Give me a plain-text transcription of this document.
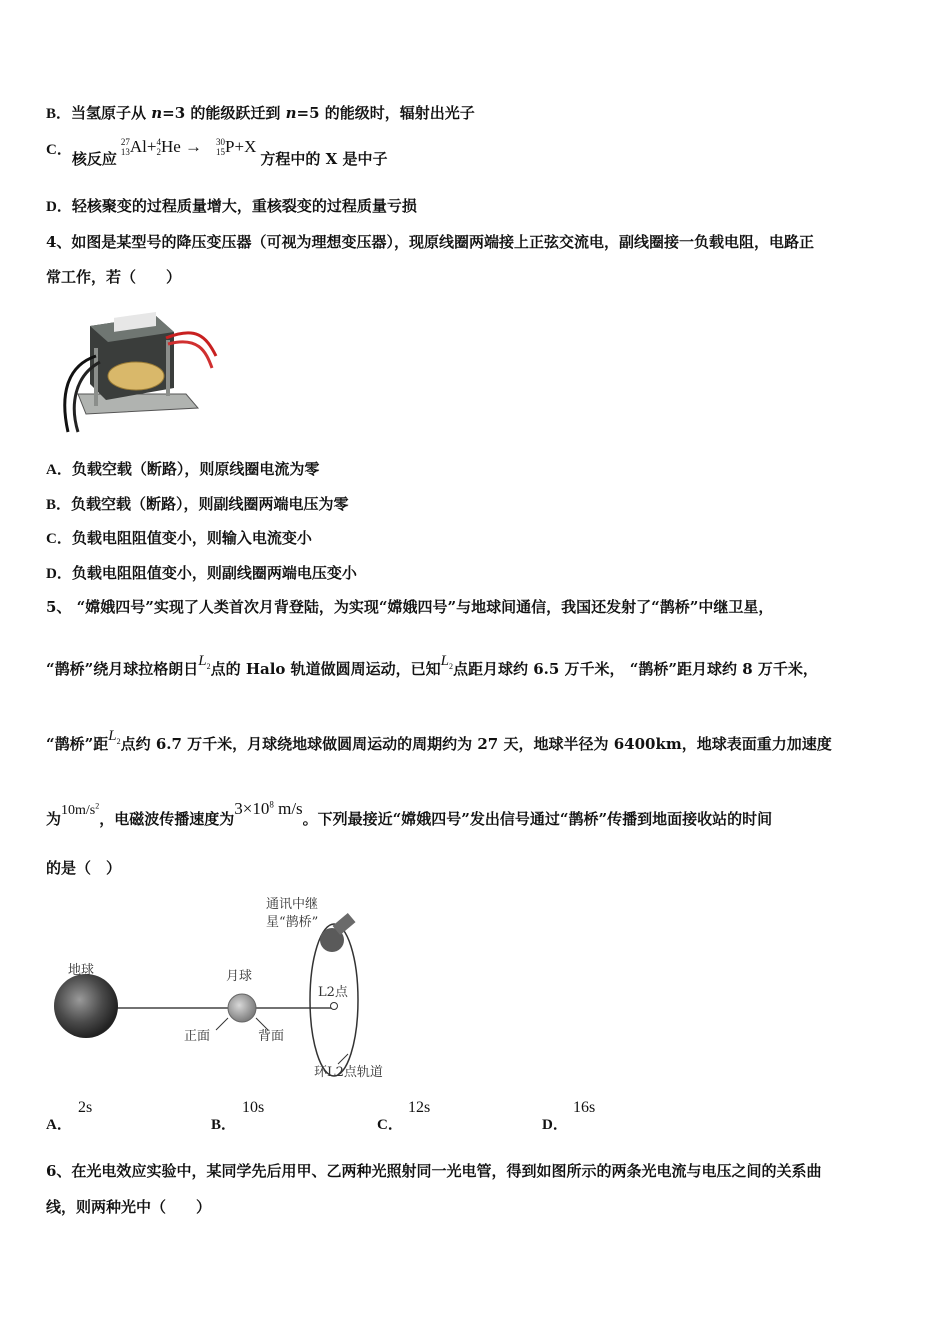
B．当氢原子从 n=3 的能级跃迁到 n=5 的能级时，辐射出光子
C．核反应
27
13 Al+ 4
2 He → 30
15 P+X方程中的 X 是中子
D．轻核聚变的过程质量增大，重核裂变的过程质量亏损
4、如图是某型号的降压变压器（可视为理想变压器），现原线圈两端接上正弦交流电，副线圈接一负载电阻，电路正
常工作，若（　　）
A．负载空载（断路），则原线圈电流为零
B．负载空载（断路），则副线圈两端电压为零
C．负载电阻阻值变小，则输入电流变小
D．负载电阻阻值变小，则副线圈两端电压变小
5、 “嫦娥四号”实现了人类首次月背登陆，为实现“嫦娥四号”与地球间通信，我国还发射了“鹊桥”中继卫星，
“鹊桥”绕月球拉格朗日$L_2$点的 Halo 轨道做圆周运动，已知$L_2$点距月球约 6.5 万千米， “鹊桥”距月球约 8 万千米，
“鹊桥”距$L_2$点约 6.7 万千米，月球绕地球做圆周运动的周期约为 27 天，地球半径为 6400km，地球表面重力加速度
为$10m/s^2$，电磁波传播速度为$3\times 10^8$ m/s。下列最接近“嫦娥四号”发出信号通过“鹊桥”传播到地面接收站的时间
的是（　）
通讯中继
星“鹊桥”
地球	月球
L2点
正面	背面
环L2点轨道
A．
2s
B．
10s
C．
12s
D．
16s
6、在光电效应实验中，某同学先后用甲、乙两种光照射同一光电管，得到如图所示的两条光电流与电压之间的关系曲
线，则两种光中（　　）
